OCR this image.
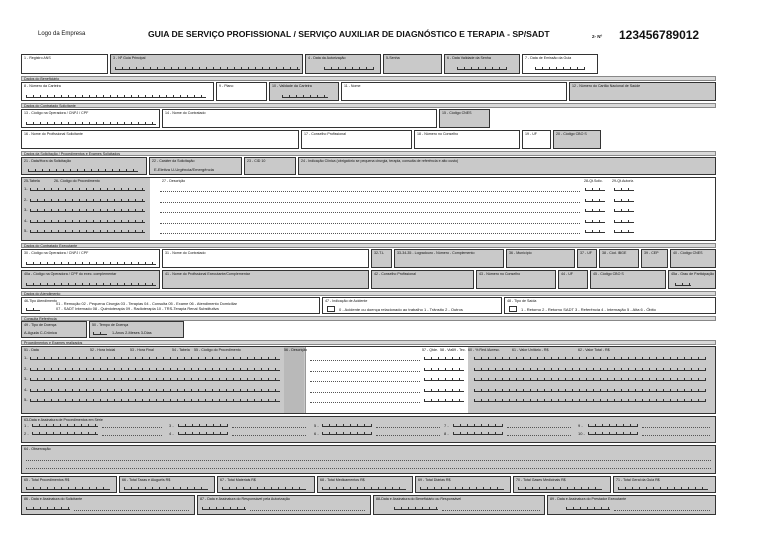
Logo da Empresa	GUIA DE SERVIÇO PROFISSIONAL / SERVIÇO AUXILIAR DE DIAGNÓSTICO E TERAPIA - SP/SADT	2- Nº 123456789012
1 - Registro ANS	3 - Nº Guia Principal	4 - Data da Autorização	5-Senha	6 - Data Validade da Senha	7 - Data de Emissão da Guia
Dados do Beneficiário
8 - Número da Carteira	9 - Plano	10 - Validade da Carteira	11 - Nome	12 - Número do Cartão Nacional de Saúde
Dados do Contratado Solicitante
13 - Código na Operadora / CNPJ / CPF	14 - Nome do Contratado	15 - Código CNES
16 - Nome do Profissional Solicitante	17 - Conselho Profissional	18 - Número no Conselho	19 - UF	20 - Código CBO S
Dados da Solicitação / Procedimentos e Exames Solicitados
21 - Data/Hora da Solicitação	22 - Caráter da Solicitação
E-Eletiva U-Urgência/Emergência
23 - CID 10	24 - Indicação Clínica (obrigatório se pequena cirurgia, terapia, consulta de referência e alto custo)
25-Tabela	26- Código do Procedimento	27 - Descrição	28-Qt.Solic.	29-Qt.Autoriz.
1-
2-
3-
4-
5-
Dados do Contratado Executante
30 - Código na Operadora / CNPJ / CPF	31 - Nome do Contratado	32-T.L	33-34-35 - Logradouro - Número - Complemento	36 - Município	37 - UF	38 - Cód. IBGE	39 - CEP	40 - Código CNES
40a - Código na Operadora / CPF do exec. complementar	41 - Nome do Profissional Executante/Complementar	42 - Conselho Profissional	43 - Número no Conselho	44 - UF	45 - Código CBO S	45a - Grau de Participação
Dados do Atendimento
46-Tipo Atendimento
01 - Remoção 02 - Pequena Cirurgia 03 - Terapias 04 - Consulta 05 - Exame 06 - Atendimento Domiciliar
07 - SADT Internado 08 - Quimioterapia 09 - Radioterapia 10 - TRS-Terapia Renal Substitutiva
47 - Indicação de Acidente
0 - Acidente ou doença relacionado ao trabalho 1 - Trânsito 2 - Outros
48 - Tipo de Saída
1 - Retorno 2 - Retorno SADT 3 - Referência 4 - Internação 5 - Alta 6 - Óbito
Consulta Referência
49 - Tipo de Doença
A-Aguda C-Crônica
50 - Tempo de Doença
1-Anos 2-Meses 3-Dias
Procedimentos e Exames realizados
51 - Data	52 - Hora Inicial	53 - Hora Final	54 - Tabela 55 - Código do Procedimento	56 - Descrição	57 - Qtde. 58 - Via 59 - Tec. 60 - % Red./Acresc.	61 - Valor Unitário - R$	62 - Valor Total - R$
1-
2-
3-
4-
5-
63-Data e Assinatura de Procedimentos em Série
1 -	3 -	5 -	7 -	9 -
2 -	4 -	6 -	8 -	10 -
64 - Observação
65 - Total Procedimentos R$	66 - Total Taxas e Aluguéis R$	67 - Total Materiais R$	68 - Total Medicamentos R$	69 - Total Diárias R$	70 - Total Gases Medicinais R$	71 - Total Geral da Guia R$
86 - Data e Assinatura do Solicitante	87 - Data e Assinatura do Responsável pela Autorização	88-Data e Assinatura do Beneficiário ou Responsável	89 - Data e Assinatura do Prestador Executante
